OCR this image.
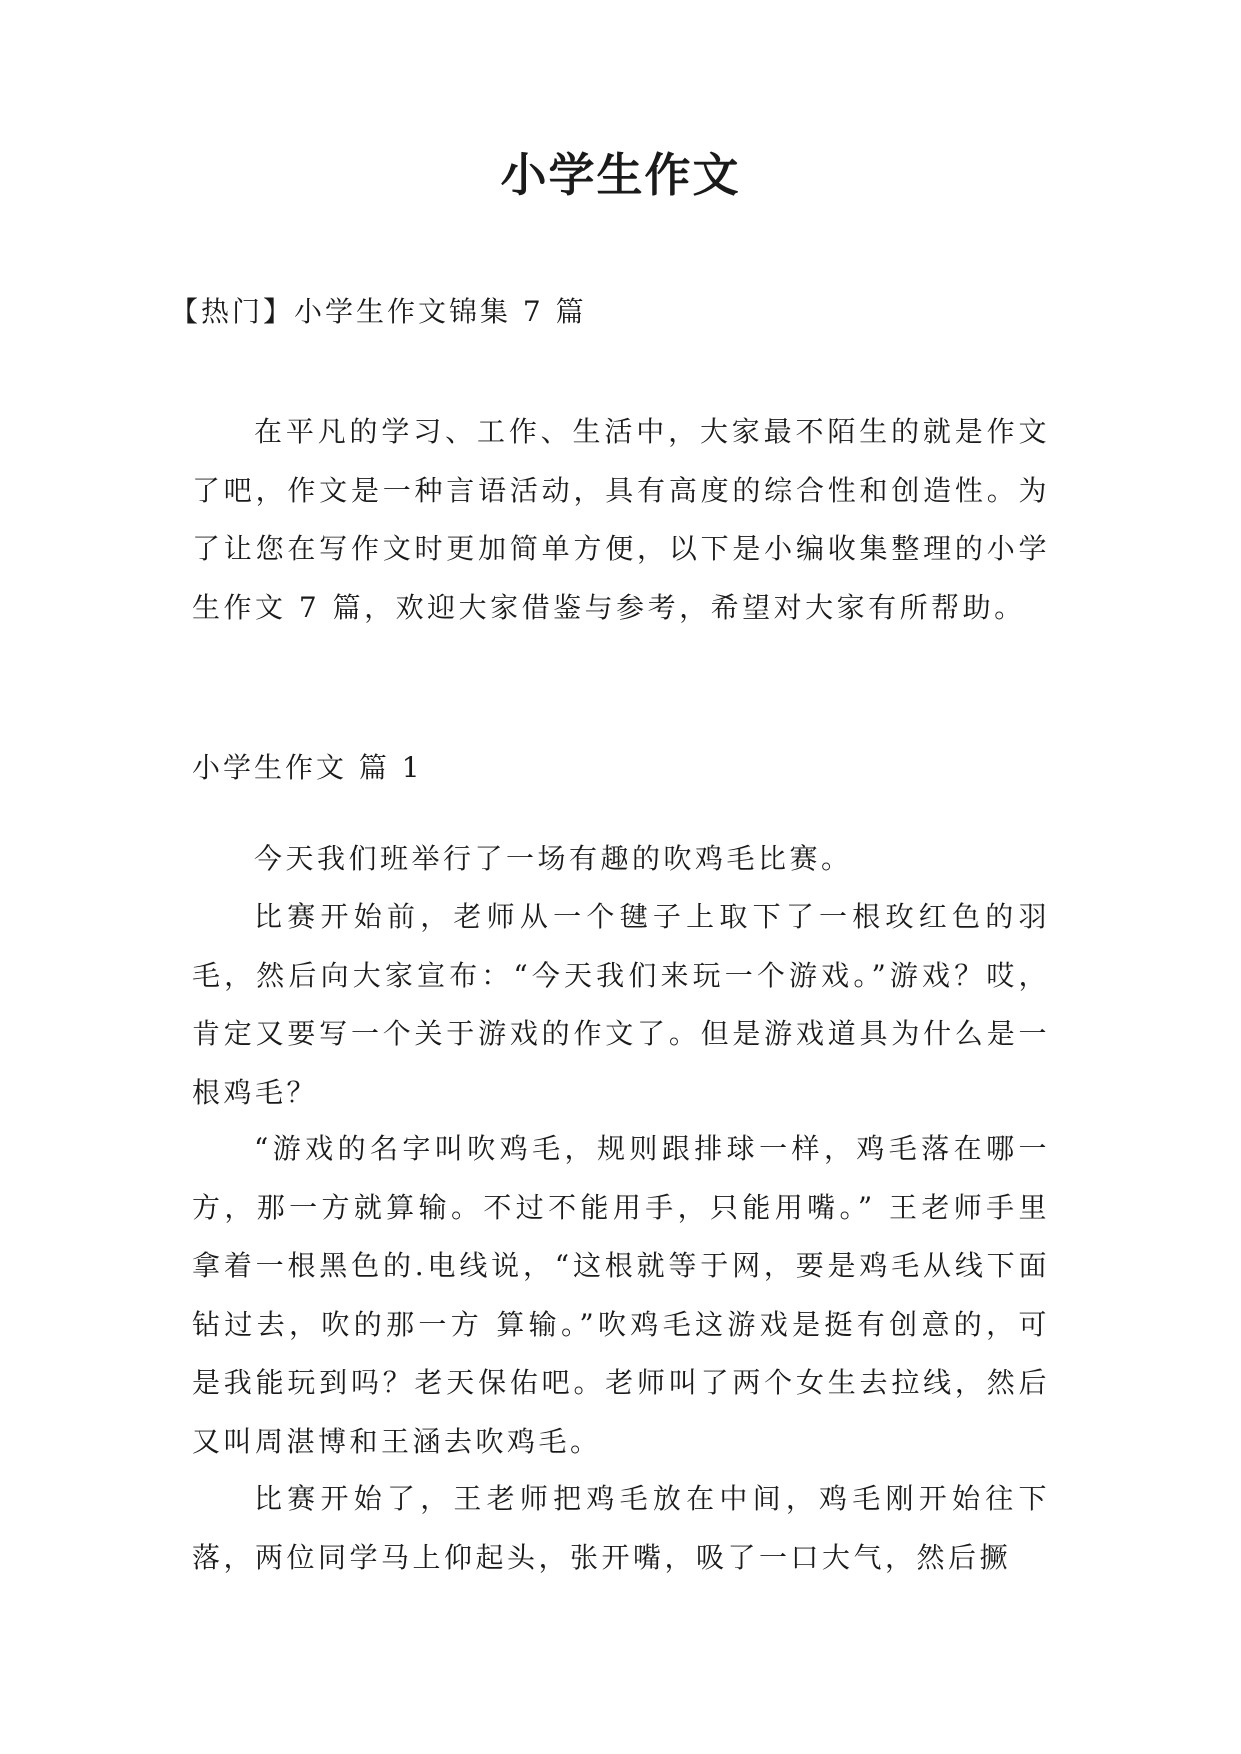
小学生作文
【热门】小学生作文锦集 7 篇

在平凡的学习、工作、生活中，大家最不陌生的就是作文了吧，作文是一种言语活动，具有高度的综合性和创造性。为了让您在写作文时更加简单方便，以下是小编收集整理的小学生作文 7 篇，欢迎大家借鉴与参考，希望对大家有所帮助。

小学生作文 篇 1

今天我们班举行了一场有趣的吹鸡毛比赛。

比赛开始前，老师从一个毽子上取下了一根玫红色的羽毛，然后向大家宣布：“今天我们来玩一个游戏。”游戏？哎，肯定又要写一个关于游戏的作文了。但是游戏道具为什么是一根鸡毛？

“游戏的名字叫吹鸡毛，规则跟排球一样，鸡毛落在哪一方，那一方就算输。不过不能用手，只能用嘴。” 王老师手里拿着一根黑色的.电线说，“这根就等于网，要是鸡毛从线下面钻过去，吹的那一方 算输。”吹鸡毛这游戏是挺有创意的，可是我能玩到吗？老天保佑吧。老师叫了两个女生去拉线，然后又叫周湛博和王涵去吹鸡毛。

比赛开始了，王老师把鸡毛放在中间，鸡毛刚开始往下落，两位同学马上仰起头，张开嘴，吸了一口大气，然后撅
